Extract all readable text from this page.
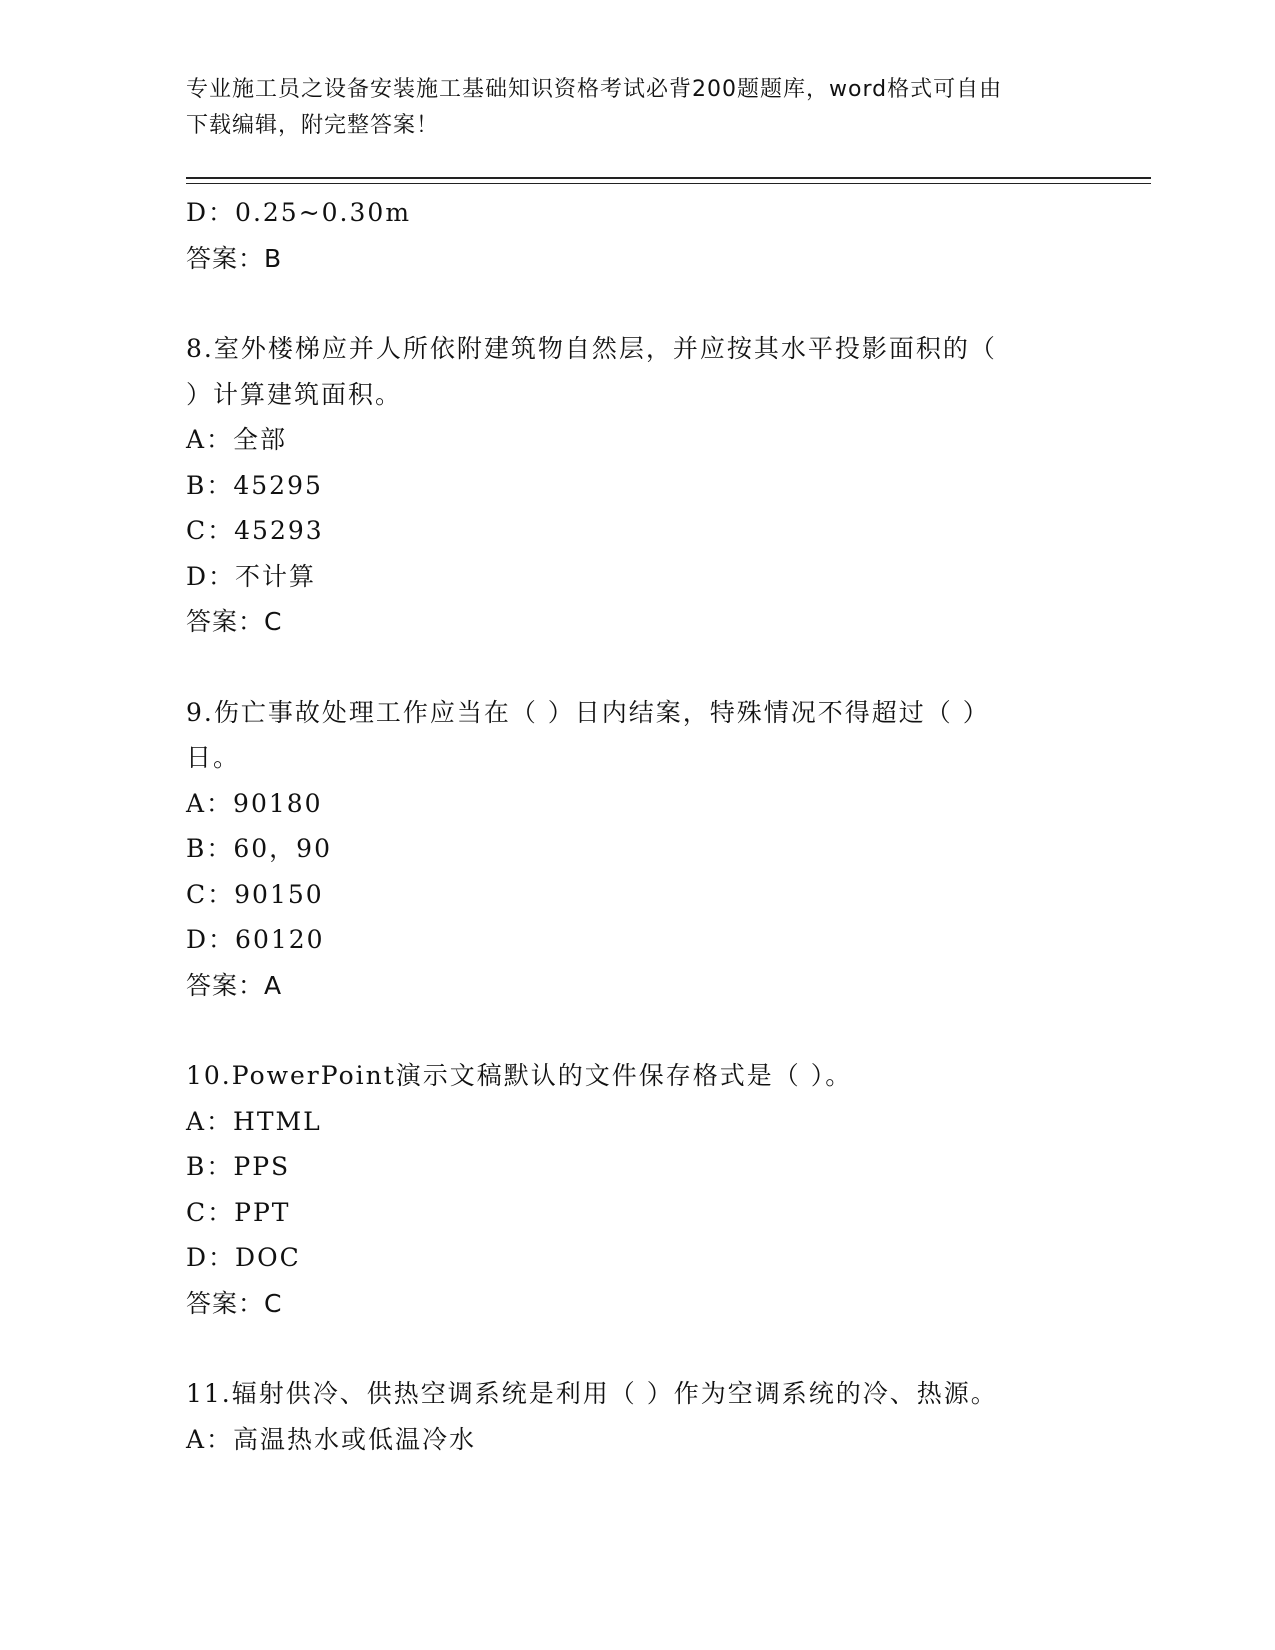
专业施工员之设备安装施工基础知识资格考试必背200题题库，word格式可自由
下载编辑，附完整答案！

D：0.25~0.30m

答案：B

8.室外楼梯应并人所依附建筑物自然层，并应按其水平投影面积的（

）计算建筑面积。

A：全部

B：45295

C：45293

D：不计算

答案：C

9.伤亡事故处理工作应当在（ ）日内结案，特殊情况不得超过（ ）

日。

A：90180

B：60，90

C：90150

D：60120

答案：A

10.PowerPoint演示文稿默认的文件保存格式是（ ）。

A：HTML

B：PPS

C：PPT

D：DOC

答案：C

11.辐射供冷、供热空调系统是利用（ ）作为空调系统的冷、热源。

A：高温热水或低温冷水
